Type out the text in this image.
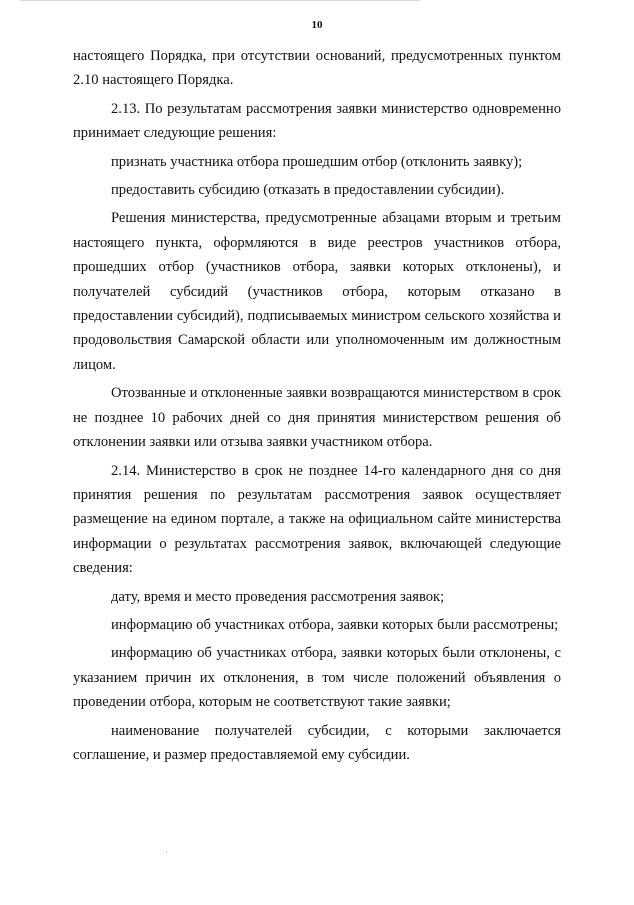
10

настоящего Порядка, при отсутствии оснований, предусмотренных пунктом 2.10 настоящего Порядка.

2.13. По результатам рассмотрения заявки министерство одновременно принимает следующие решения:

признать участника отбора прошедшим отбор (отклонить заявку);

предоставить субсидию (отказать в предоставлении субсидии).

Решения министерства, предусмотренные абзацами вторым и третьим настоящего пункта, оформляются в виде реестров участников отбора, прошедших отбор (участников отбора, заявки которых отклонены), и получателей субсидий (участников отбора, которым отказано в предоставлении субсидий), подписываемых министром сельского хозяйства и продовольствия Самарской области или уполномоченным им должностным лицом.

Отозванные и отклоненные заявки возвращаются министерством в срок не позднее 10 рабочих дней со дня принятия министерством решения об отклонении заявки или отзыва заявки участником отбора.

2.14. Министерство в срок не позднее 14-го календарного дня со дня принятия решения по результатам рассмотрения заявок осуществляет размещение на едином портале, а также на официальном сайте министерства информации о результатах рассмотрения заявок, включающей следующие сведения:

дату, время и место проведения рассмотрения заявок;

информацию об участниках отбора, заявки которых были рассмотрены;

информацию об участниках отбора, заявки которых были отклонены, с указанием причин их отклонения, в том числе положений объявления о проведении отбора, которым не соответствуют такие заявки;

наименование получателей субсидии, с которыми заключается соглашение, и размер предоставляемой ему субсидии.
